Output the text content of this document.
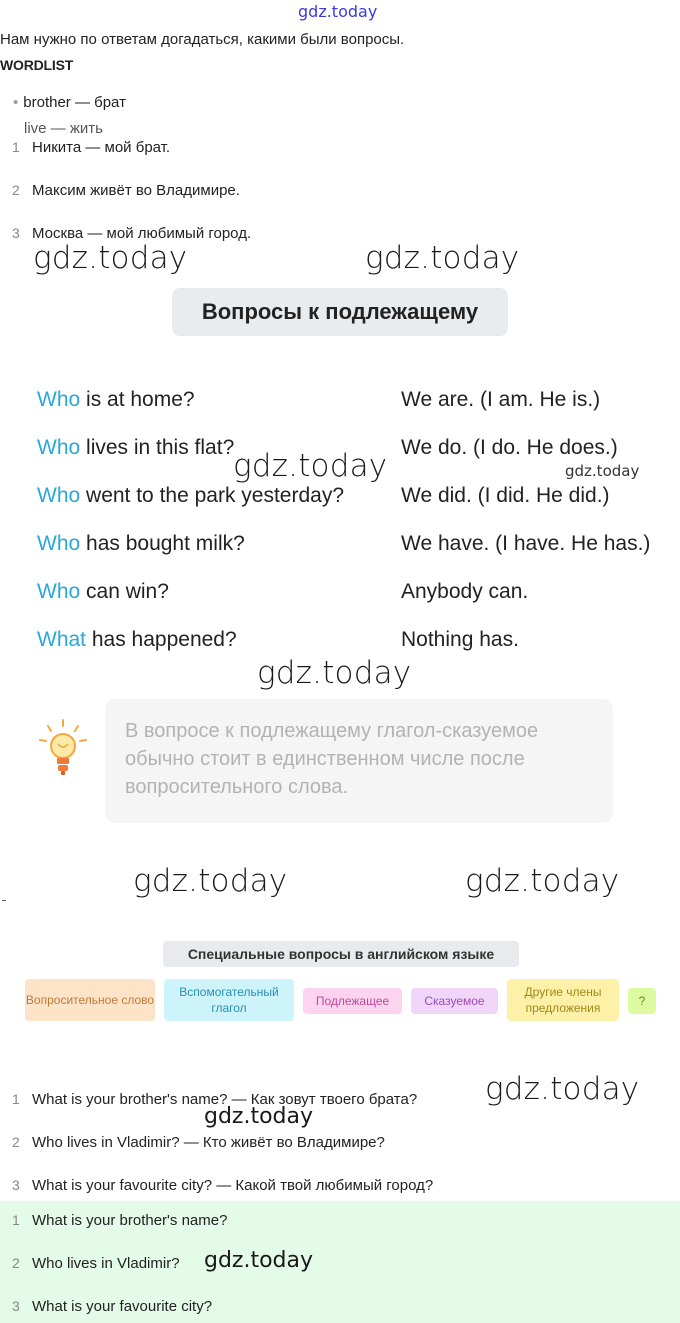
gdz.today
Нам нужно по ответам догадаться, какими были вопросы.
WORDLIST
• brother — брат
live — жить
1 Никита — мой брат.
2 Максим живёт во Владимире.
3 Москва — мой любимый город.
gdz.today	gdz.today
Вопросы к подлежащему
Who is at home?	We are. (I am. He is.)
Who lives in this flat?	We do. (I do. He does.)
Who went to the park yesterday?	We did. (I did. He did.)
Who has bought milk?	We have. (I have. He has.)
Who can win?	Anybody can.
What has happened?	Nothing has.
gdz.today	gdz.today
gdz.today
В вопросе к подлежащему глагол-сказуемое обычно стоит в единственном числе после вопросительного слова.
gdz.today	gdz.today
Специальные вопросы в английском языке
Вопросительное слово
Вспомогательный глагол	Подлежащее	Сказуемое
Другие члены предложения	?
1 What is your brother's name? — Как зовут твоего брата?
2 Who lives in Vladimir? — Кто живёт во Владимире?
3 What is your favourite city? — Какой твой любимый город?
gdz.today
gdz.today
1 What is your brother's name?
2 Who lives in Vladimir?
3 What is your favourite city?
gdz.today
